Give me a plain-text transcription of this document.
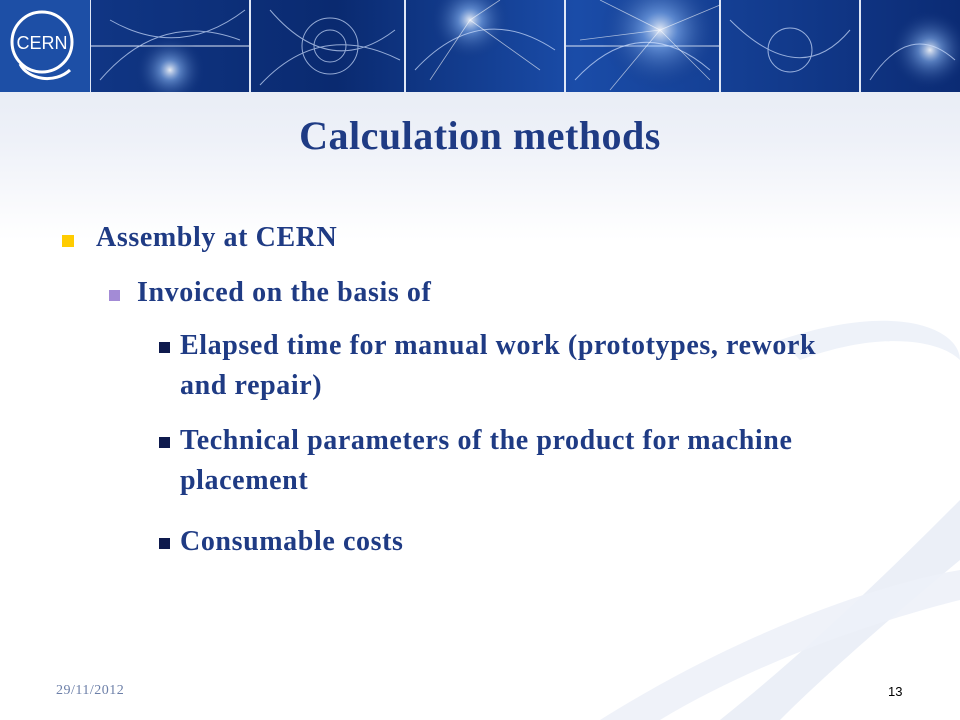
CERN
Calculation methods
Assembly at CERN
Invoiced on the basis of
Elapsed time for manual work (prototypes, rework and repair)
Technical parameters of the product for machine placement
Consumable costs
29/11/2012	13
